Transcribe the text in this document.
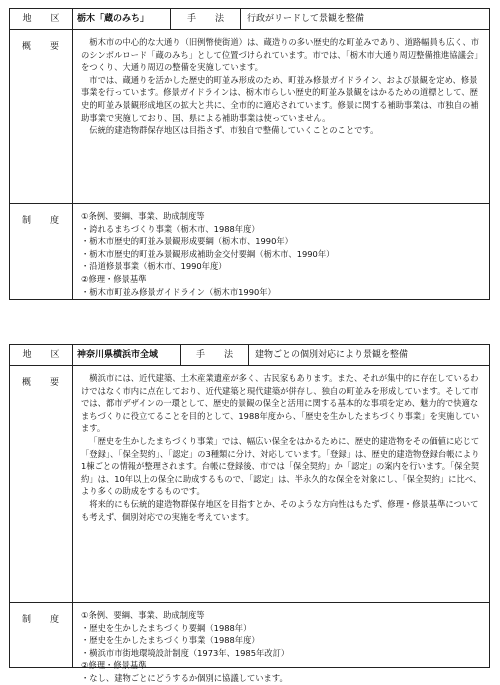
地　区	栃木「蔵のみち」	手　法	行政がリードして景観を整備
概　要	栃木市の中心的な大通り（旧例幣使街道）は、蔵造りの多い歴史的な町並みであり、道路幅員も広く、市のシンボルロード「蔵のみち」として位置づけられています。市では、「栃木市大通り周辺整備推進協議会」をつくり、大通り周辺の整備を実施しています。

市では、蔵通りを活かした歴史的町並み形成のため、町並み修景ガイドライン、および景観を定め、修景事業を行っています。修景ガイドラインは、栃木市らしい歴史的町並み景観をはかるための道標として、歴史的町並み景観形成地区の拡大と共に、全市的に適応されています。修景に関する補助事業は、市独自の補助事業で実施しており、国、県による補助事業は使っていません。

伝統的建造物群保存地区は目指さず、市独自で整備していくことのことです。

制　度	①条例、要綱、事業、助成制度等

・誇れるまちづくり事業（栃木市、1988年度）

・栃木市歴史的町並み景観形成要綱（栃木市、1990年）

・栃木市歴史的町並み景観形成補助金交付要綱（栃木市、1990年）

・沿道修景事業（栃木市、1990年度）

②修理・修景基準

・栃木市町並み修景ガイドライン（栃木市1990年）

地　区	神奈川県横浜市全域	手　法	建物ごとの個別対応により景観を整備
概　要	横浜市には、近代建築、土木産業遺産が多く、古民家もあります。また、それが集中的に存在しているわけではなく市内に点在しており、近代建築と現代建築が併存し、独自の町並みを形成しています。そして市では、都市デザインの一環として、歴史的景観の保全と活用に関する基本的な事項を定め、魅力的で快適なまちづくりに役立てることを目的として、1988年度から、「歴史を生かしたまちづくり事業」を実施しています。

「歴史を生かしたまちづくり事業」では、幅広い保全をはかるために、歴史的建造物をその価値に応じて「登録」、「保全契約」、「認定」の3種類に分け、対応しています。「登録」は、歴史的建造物登録台帳により1棟ごとの情報が整理されます。台帳に登録後、市では「保全契約」か「認定」の案内を行います。「保全契約」は、10年以上の保全に助成するもので、「認定」は、半永久的な保全を対象にし、「保全契約」に比べ、より多くの助成をするものです。

将来的にも伝統的建造物群保存地区を目指すとか、そのような方向性はもたず、修理・修景基準についても考えず、個別対応での実施を考えています。

制　度	①条例、要綱、事業、助成制度等

・歴史を生かしたまちづくり要綱（1988年）

・歴史を生かしたまちづくり事業（1988年度）

・横浜市市街地環境設計制度（1973年、1985年改訂）

②修理・修景基準

・なし、建物ごとにどうするか個別に協議しています。
